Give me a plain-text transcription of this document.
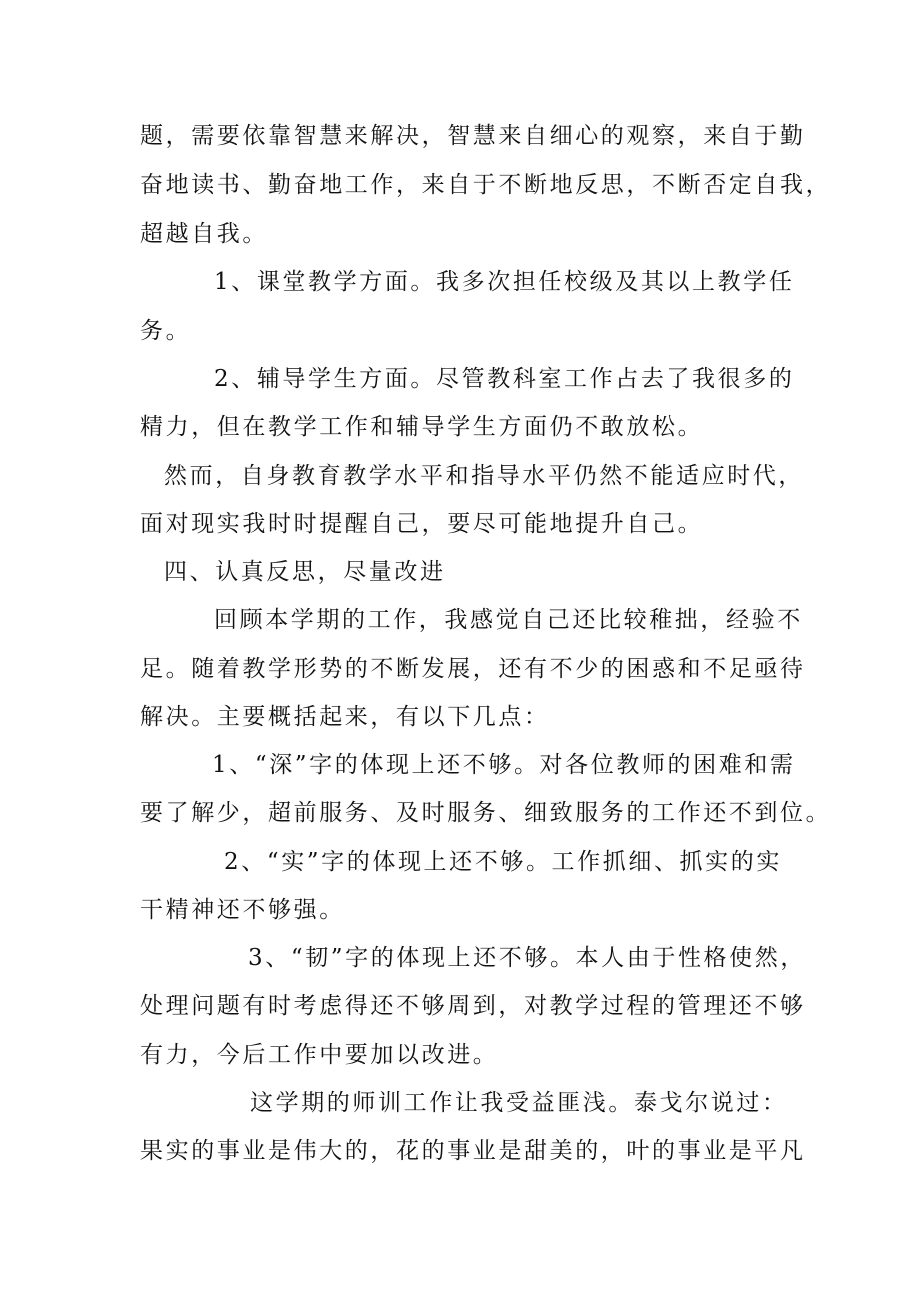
题，需要依靠智慧来解决，智慧来自细心的观察，来自于勤
奋地读书、勤奋地工作，来自于不断地反思，不断否定自我，
超越自我。
1、课堂教学方面。我多次担任校级及其以上教学任
务。
2、辅导学生方面。尽管教科室工作占去了我很多的
精力，但在教学工作和辅导学生方面仍不敢放松。
然而，自身教育教学水平和指导水平仍然不能适应时代，
面对现实我时时提醒自己，要尽可能地提升自己。
四、认真反思，尽量改进
回顾本学期的工作，我感觉自己还比较稚拙，经验不
足。随着教学形势的不断发展，还有不少的困惑和不足亟待
解决。主要概括起来，有以下几点：
1、“深”字的体现上还不够。对各位教师的困难和需
要了解少，超前服务、及时服务、细致服务的工作还不到位。
2、“实”字的体现上还不够。工作抓细、抓实的实
干精神还不够强。
3、“韧”字的体现上还不够。本人由于性格使然，
处理问题有时考虑得还不够周到，对教学过程的管理还不够
有力，今后工作中要加以改进。
这学期的师训工作让我受益匪浅。泰戈尔说过：
果实的事业是伟大的，花的事业是甜美的，叶的事业是平凡
